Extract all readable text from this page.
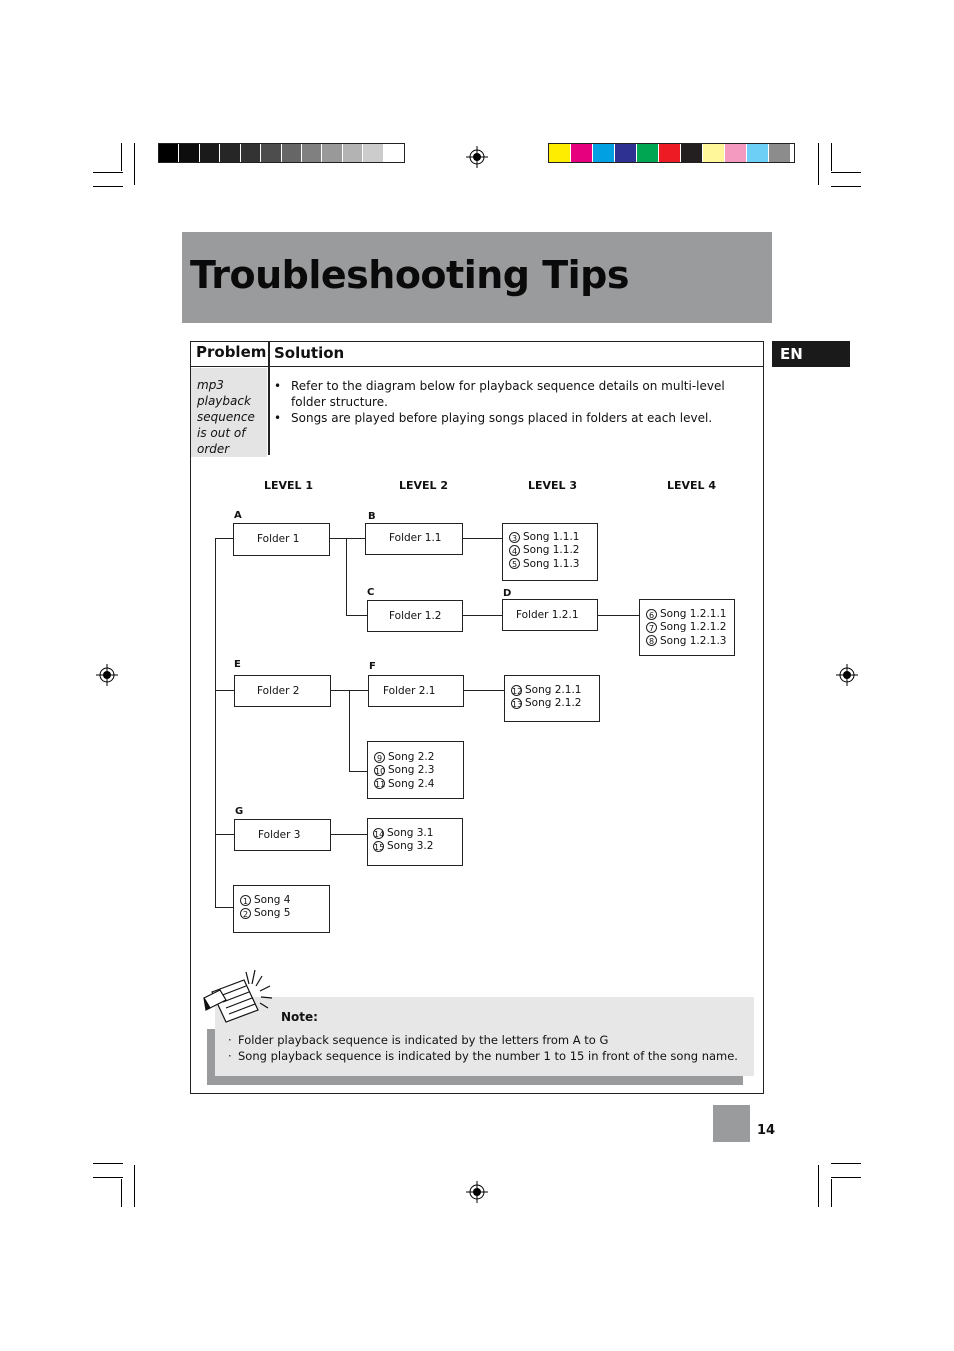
Troubleshooting Tips
EN
Problem Solution
mp3 playback sequence is out of order
• Refer to the diagram below for playback sequence details on multi-level folder structure.
• Songs are played before playing songs placed in folders at each level.
LEVEL 1	LEVEL 2	LEVEL 3	LEVEL 4
A	B
C	D
E	F
G
Folder 1	Folder 1.1
Folder 1.2	Folder 1.2.1
Folder 2	Folder 2.1
Folder 3
3 Song 1.1.1
4 Song 1.1.2
5 Song 1.1.3
6 Song 1.2.1.1
7 Song 1.2.1.2
8 Song 1.2.1.3
12 Song 2.1.1
13 Song 2.1.2
9 Song 2.2
10 Song 2.3
11 Song 2.4
14 Song 3.1
15 Song 3.2
1 Song 4
2 Song 5
Note:
· Folder playback sequence is indicated by the letters from A to G
· Song playback sequence is indicated by the number 1 to 15 in front of the song name.
14
